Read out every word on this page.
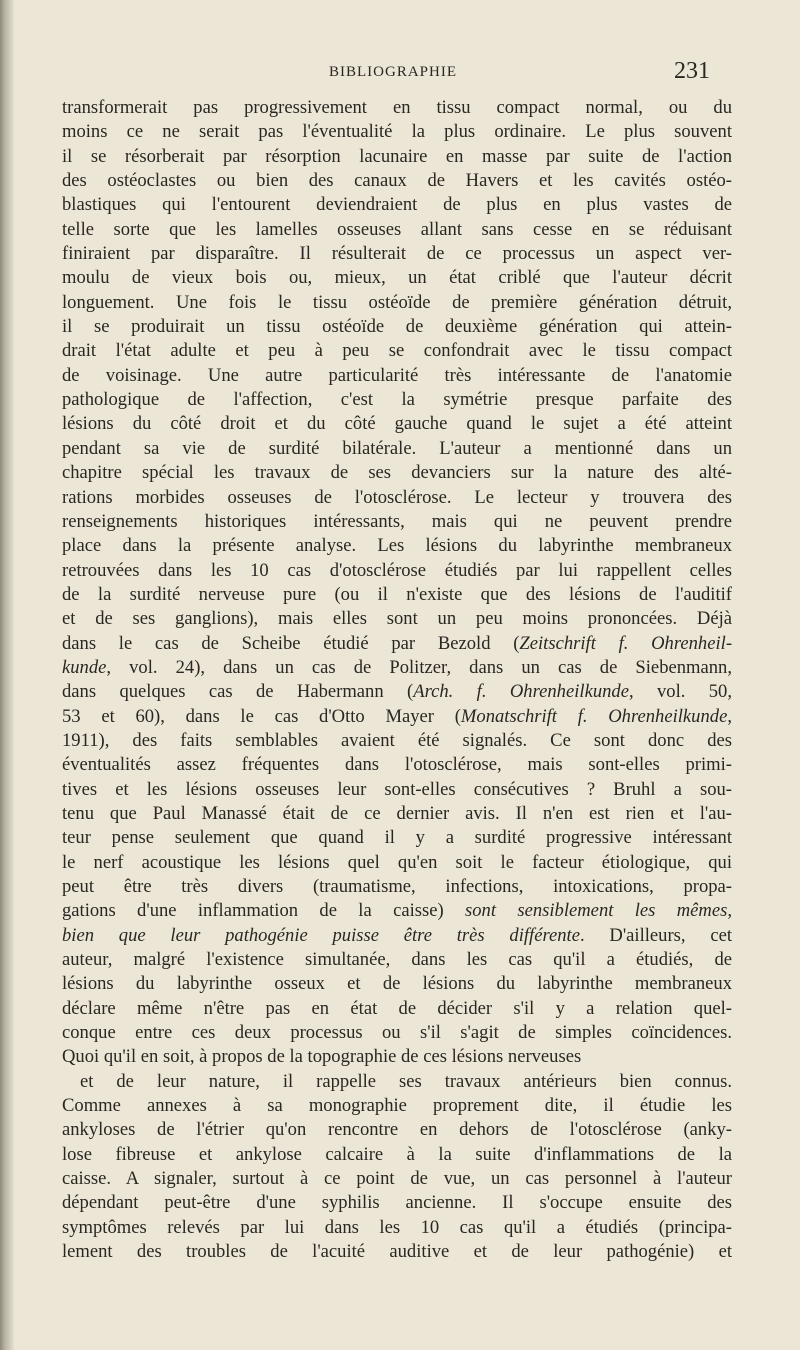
BIBLIOGRAPHIE	231
transformerait pas progressivement en tissu compact normal, ou du
moins ce ne serait pas l'éventualité la plus ordinaire. Le plus souvent
il se résorberait par résorption lacunaire en masse par suite de l'action
des ostéoclastes ou bien des canaux de Havers et les cavités ostéo-
blastiques qui l'entourent deviendraient de plus en plus vastes de
telle sorte que les lamelles osseuses allant sans cesse en se réduisant
finiraient par disparaître. Il résulterait de ce processus un aspect ver-
moulu de vieux bois ou, mieux, un état criblé que l'auteur décrit
longuement. Une fois le tissu ostéoïde de première génération détruit,
il se produirait un tissu ostéoïde de deuxième génération qui attein-
drait l'état adulte et peu à peu se confondrait avec le tissu compact
de voisinage. Une autre particularité très intéressante de l'anatomie
pathologique de l'affection, c'est la symétrie presque parfaite des
lésions du côté droit et du côté gauche quand le sujet a été atteint
pendant sa vie de surdité bilatérale. L'auteur a mentionné dans un
chapitre spécial les travaux de ses devanciers sur la nature des alté-
rations morbides osseuses de l'otosclérose. Le lecteur y trouvera des
renseignements historiques intéressants, mais qui ne peuvent prendre
place dans la présente analyse. Les lésions du labyrinthe membraneux
retrouvées dans les 10 cas d'otosclérose étudiés par lui rappellent celles
de la surdité nerveuse pure (ou il n'existe que des lésions de l'auditif
et de ses ganglions), mais elles sont un peu moins prononcées. Déjà
dans le cas de Scheibe étudié par Bezold (Zeitschrift f. Ohrenheil-
kunde, vol. 24), dans un cas de Politzer, dans un cas de Siebenmann,
dans quelques cas de Habermann (Arch. f. Ohrenheilkunde, vol. 50,
53 et 60), dans le cas d'Otto Mayer (Monatschrift f. Ohrenheilkunde,
1911), des faits semblables avaient été signalés. Ce sont donc des
éventualités assez fréquentes dans l'otosclérose, mais sont-elles primi-
tives et les lésions osseuses leur sont-elles consécutives ? Bruhl a sou-
tenu que Paul Manassé était de ce dernier avis. Il n'en est rien et l'au-
teur pense seulement que quand il y a surdité progressive intéressant
le nerf acoustique les lésions quel qu'en soit le facteur étiologique, qui
peut être très divers (traumatisme, infections, intoxications, propa-
gations d'une inflammation de la caisse) sont sensiblement les mêmes,
bien que leur pathogénie puisse être très différente. D'ailleurs, cet
auteur, malgré l'existence simultanée, dans les cas qu'il a étudiés, de
lésions du labyrinthe osseux et de lésions du labyrinthe membraneux
déclare même n'être pas en état de décider s'il y a relation quel-
conque entre ces deux processus ou s'il s'agit de simples coïncidences.
Quoi qu'il en soit, à propos de la topographie de ces lésions nerveuses
et de leur nature, il rappelle ses travaux antérieurs bien connus.
Comme annexes à sa monographie proprement dite, il étudie les
ankyloses de l'étrier qu'on rencontre en dehors de l'otosclérose (anky-
lose fibreuse et ankylose calcaire à la suite d'inflammations de la
caisse. A signaler, surtout à ce point de vue, un cas personnel à l'auteur
dépendant peut-être d'une syphilis ancienne. Il s'occupe ensuite des
symptômes relevés par lui dans les 10 cas qu'il a étudiés (principa-
lement des troubles de l'acuité auditive et de leur pathogénie) et
